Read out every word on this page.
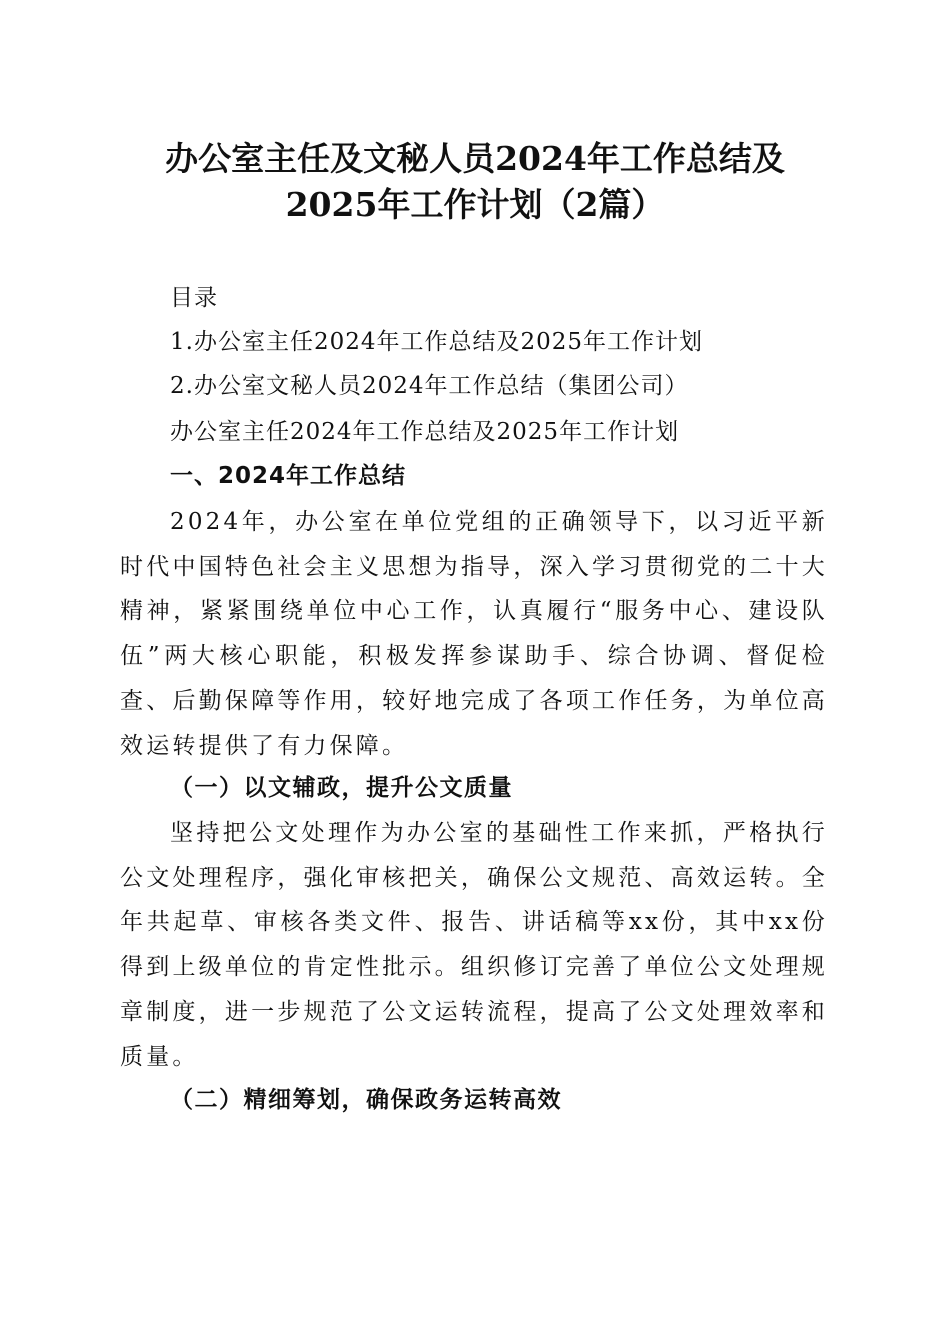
办公室主任及文秘人员2024年工作总结及
2025年工作计划（2篇）
目录
1.办公室主任2024年工作总结及2025年工作计划
2.办公室文秘人员2024年工作总结（集团公司）
办公室主任2024年工作总结及2025年工作计划
一、2024年工作总结
2024年，办公室在单位党组的正确领导下，以习近平新时代中国特色社会主义思想为指导，深入学习贯彻党的二十大精神，紧紧围绕单位中心工作，认真履行“服务中心、建设队伍”两大核心职能，积极发挥参谋助手、综合协调、督促检查、后勤保障等作用，较好地完成了各项工作任务，为单位高效运转提供了有力保障。
（一）以文辅政，提升公文质量
坚持把公文处理作为办公室的基础性工作来抓，严格执行公文处理程序，强化审核把关，确保公文规范、高效运转。全年共起草、审核各类文件、报告、讲话稿等xx份，其中xx份得到上级单位的肯定性批示。组织修订完善了单位公文处理规章制度，进一步规范了公文运转流程，提高了公文处理效率和质量。
（二）精细筹划，确保政务运转高效
